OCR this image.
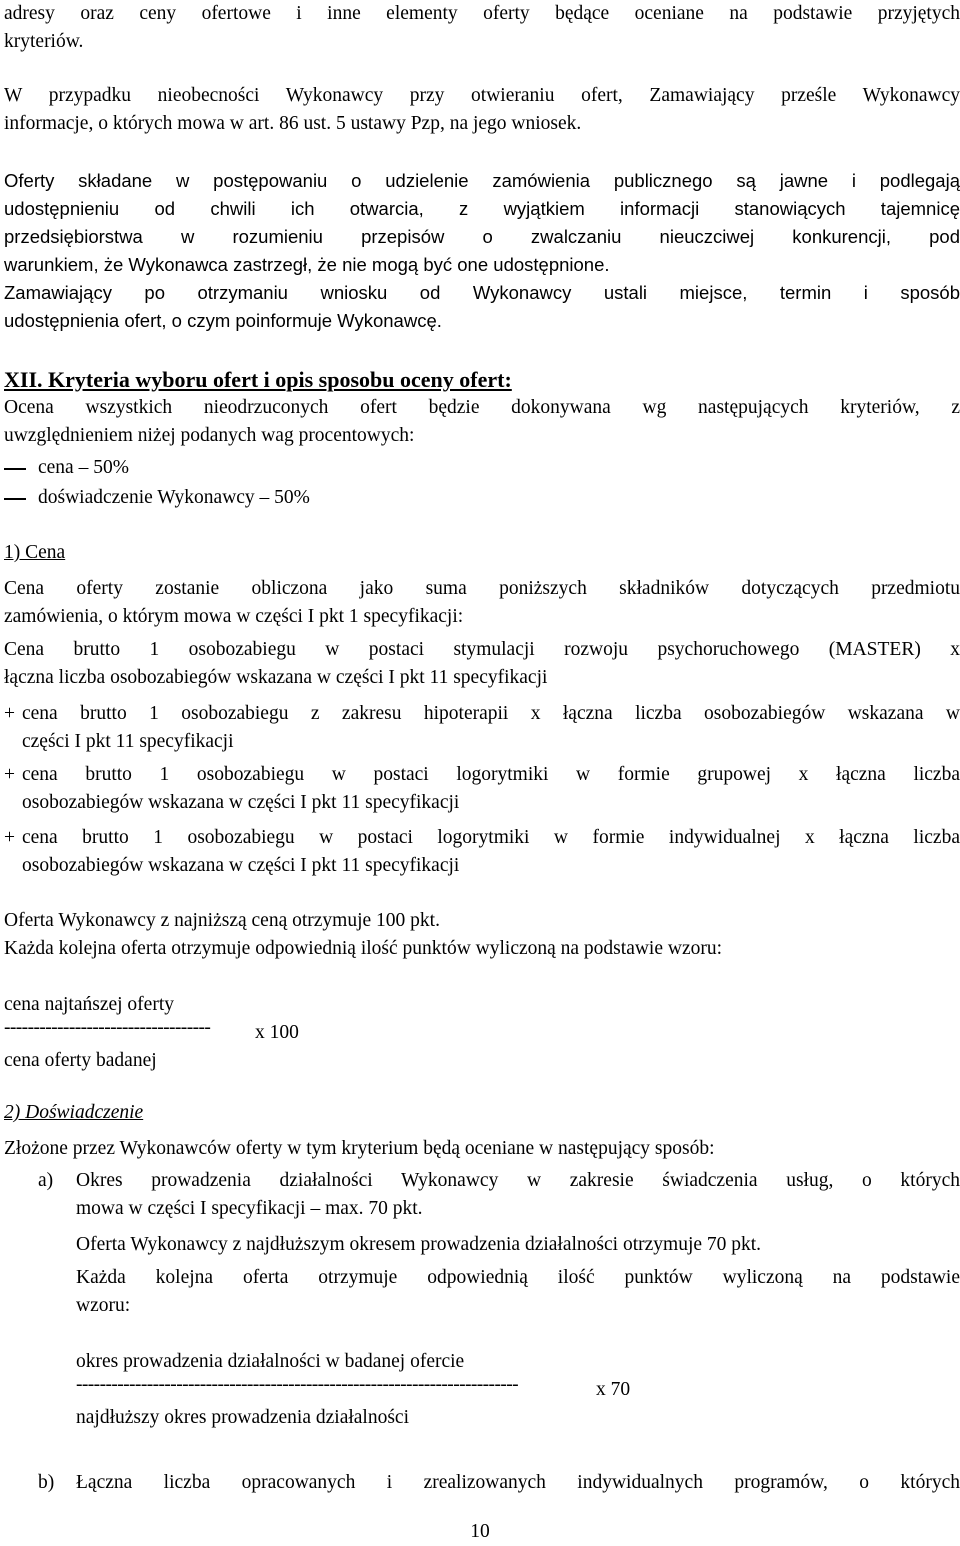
adresy oraz ceny ofertowe i inne elementy oferty będące oceniane na podstawie przyjętych

kryteriów.

W przypadku nieobecności Wykonawcy przy otwieraniu ofert, Zamawiający prześle Wykonawcy

informacje, o których mowa w art. 86 ust. 5 ustawy Pzp, na jego wniosek.

Oferty składane w postępowaniu o udzielenie zamówienia publicznego są jawne i podlegają

udostępnieniu od chwili ich otwarcia, z wyjątkiem informacji stanowiących tajemnicę

przedsiębiorstwa w rozumieniu przepisów o zwalczaniu nieuczciwej konkurencji, pod

warunkiem, że Wykonawca zastrzegł, że nie mogą być one udostępnione.

Zamawiający po otrzymaniu wniosku od Wykonawcy ustali miejsce, termin i sposób

udostępnienia ofert, o czym poinformuje Wykonawcę.

XII. Kryteria wyboru ofert i opis sposobu oceny ofert:

Ocena wszystkich nieodrzuconych ofert będzie dokonywana wg następujących kryteriów, z

uwzględnieniem niżej podanych wag procentowych:

cena – 50%
doświadczenie Wykonawcy – 50%

1) Cena

Cena oferty zostanie obliczona jako suma poniższych składników dotyczących przedmiotu

zamówienia, o którym mowa w części I pkt 1 specyfikacji:

Cena brutto 1 osobozabiegu w postaci stymulacji rozwoju psychoruchowego (MASTER) x

łączna liczba osobozabiegów wskazana w części I pkt 11 specyfikacji

+ cena brutto 1 osobozabiegu z zakresu hipoterapii x łączna liczba osobozabiegów wskazana w

części I pkt 11 specyfikacji

+ cena brutto 1 osobozabiegu w postaci logorytmiki w formie grupowej x łączna liczba

osobozabiegów wskazana w części I pkt 11 specyfikacji

+ cena brutto 1 osobozabiegu w postaci logorytmiki w formie indywidualnej x łączna liczba

osobozabiegów wskazana w części I pkt 11 specyfikacji

Oferta Wykonawcy z najniższą ceną otrzymuje 100 pkt.

Każda kolejna oferta otrzymuje odpowiednią ilość punktów wyliczoną na podstawie wzoru:

cena najtańszej oferty
----------------------------------- x 100
cena oferty badanej

2) Doświadczenie

Złożone przez Wykonawców oferty w tym kryterium będą oceniane w następujący sposób:

a) Okres prowadzenia działalności Wykonawcy w zakresie świadczenia usług, o których

mowa w części I specyfikacji – max. 70 pkt.

Oferta Wykonawcy z najdłuższym okresem prowadzenia działalności otrzymuje 70 pkt.

Każda kolejna oferta otrzymuje odpowiednią ilość punktów wyliczoną na podstawie

wzoru:

okres prowadzenia działalności w badanej ofercie
---------------------------------------------------------------------------	x 70
najdłuższy okres prowadzenia działalności
b) Łączna liczba opracowanych i zrealizowanych indywidualnych programów, o których

10
